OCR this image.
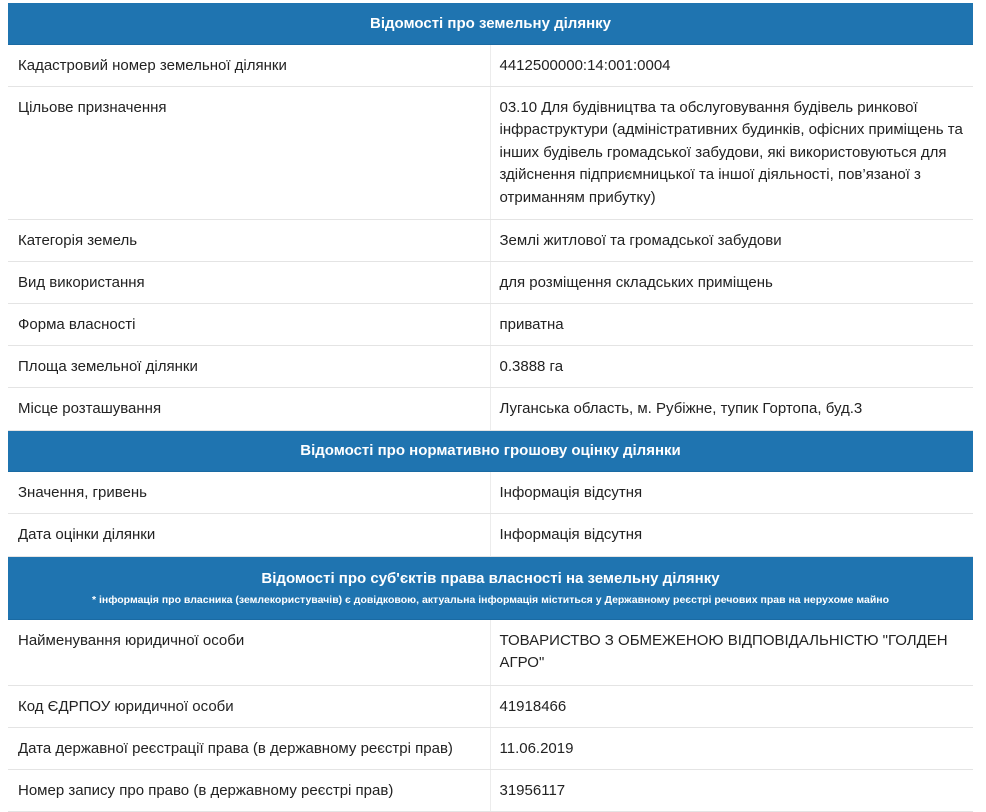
Відомості про земельну ділянку	
Кадастровий номер земельної ділянки	4412500000:14:001:0004
Цільове призначення	03.10 Для будівництва та обслуговування будівель ринкової інфраструктури (адміністративних будинків, офісних приміщень та інших будівель громадської забудови, які використовуються для здійснення підприємницької та іншої діяльності, пов’язаної з отриманням прибутку)
Категорія земель	Землі житлової та громадської забудови
Вид використання	для розміщення складських приміщень
Форма власності	приватна
Площа земельної ділянки	0.3888 га
Місце розташування	Луганська область, м. Рубіжне, тупик Гортопа, буд.3
Відомості про нормативно грошову оцінку ділянки	
Значення, гривень	Інформація відсутня
Дата оцінки ділянки	Інформація відсутня

Відомості про суб'єктів права власності на земельну ділянку
* інформація про власника (землекористувачів) є довідковою, актуальна інформація міститься у Державному реєстрі речових прав на нерухоме майно	

Найменування юридичної особи	ТОВАРИСТВО З ОБМЕЖЕНОЮ ВІДПОВІДАЛЬНІСТЮ "ГОЛДЕН АГРО"
Код ЄДРПОУ юридичної особи	41918466
Дата державної реєстрації права (в державному реєстрі прав)	11.06.2019
Номер запису про право (в державному реєстрі прав)	31956117
